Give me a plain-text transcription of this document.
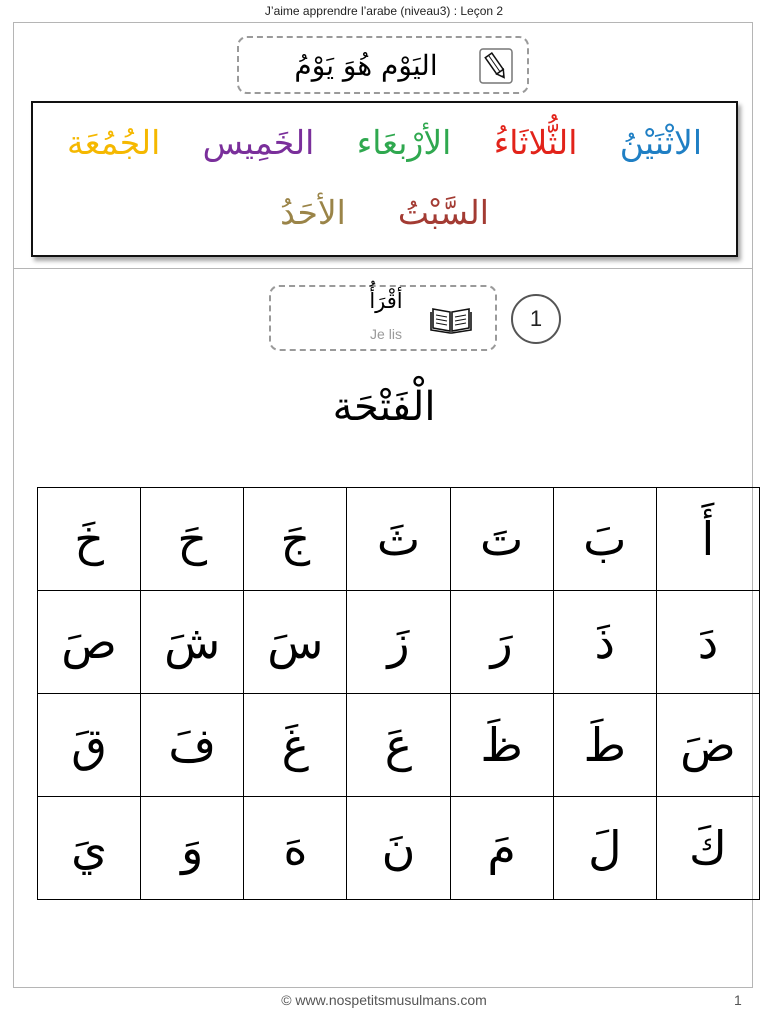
J’aime apprendre l’arabe (niveau3) : Leçon 2
اليَوْم هُوَ يَوْمُ
الاثْنَيْنُ
الثُّلاثَاءُ
الأرْبعَاء
الخَمِيس
الجُمُعَة
السَّبْتُ
الأحَدُ
أقْرَأُ
Je lis
1
الْفَتْحَة
أَ	بَ	تَ	ثَ	جَ	حَ	خَ
دَ	ذَ	رَ	زَ	سَ	شَ	صَ
ضَ	طَ	ظَ	عَ	غَ	فَ	قَ
كَ	لَ	مَ	نَ	هَ	وَ	يَ
© www.nospetitsmusulmans.com	1
